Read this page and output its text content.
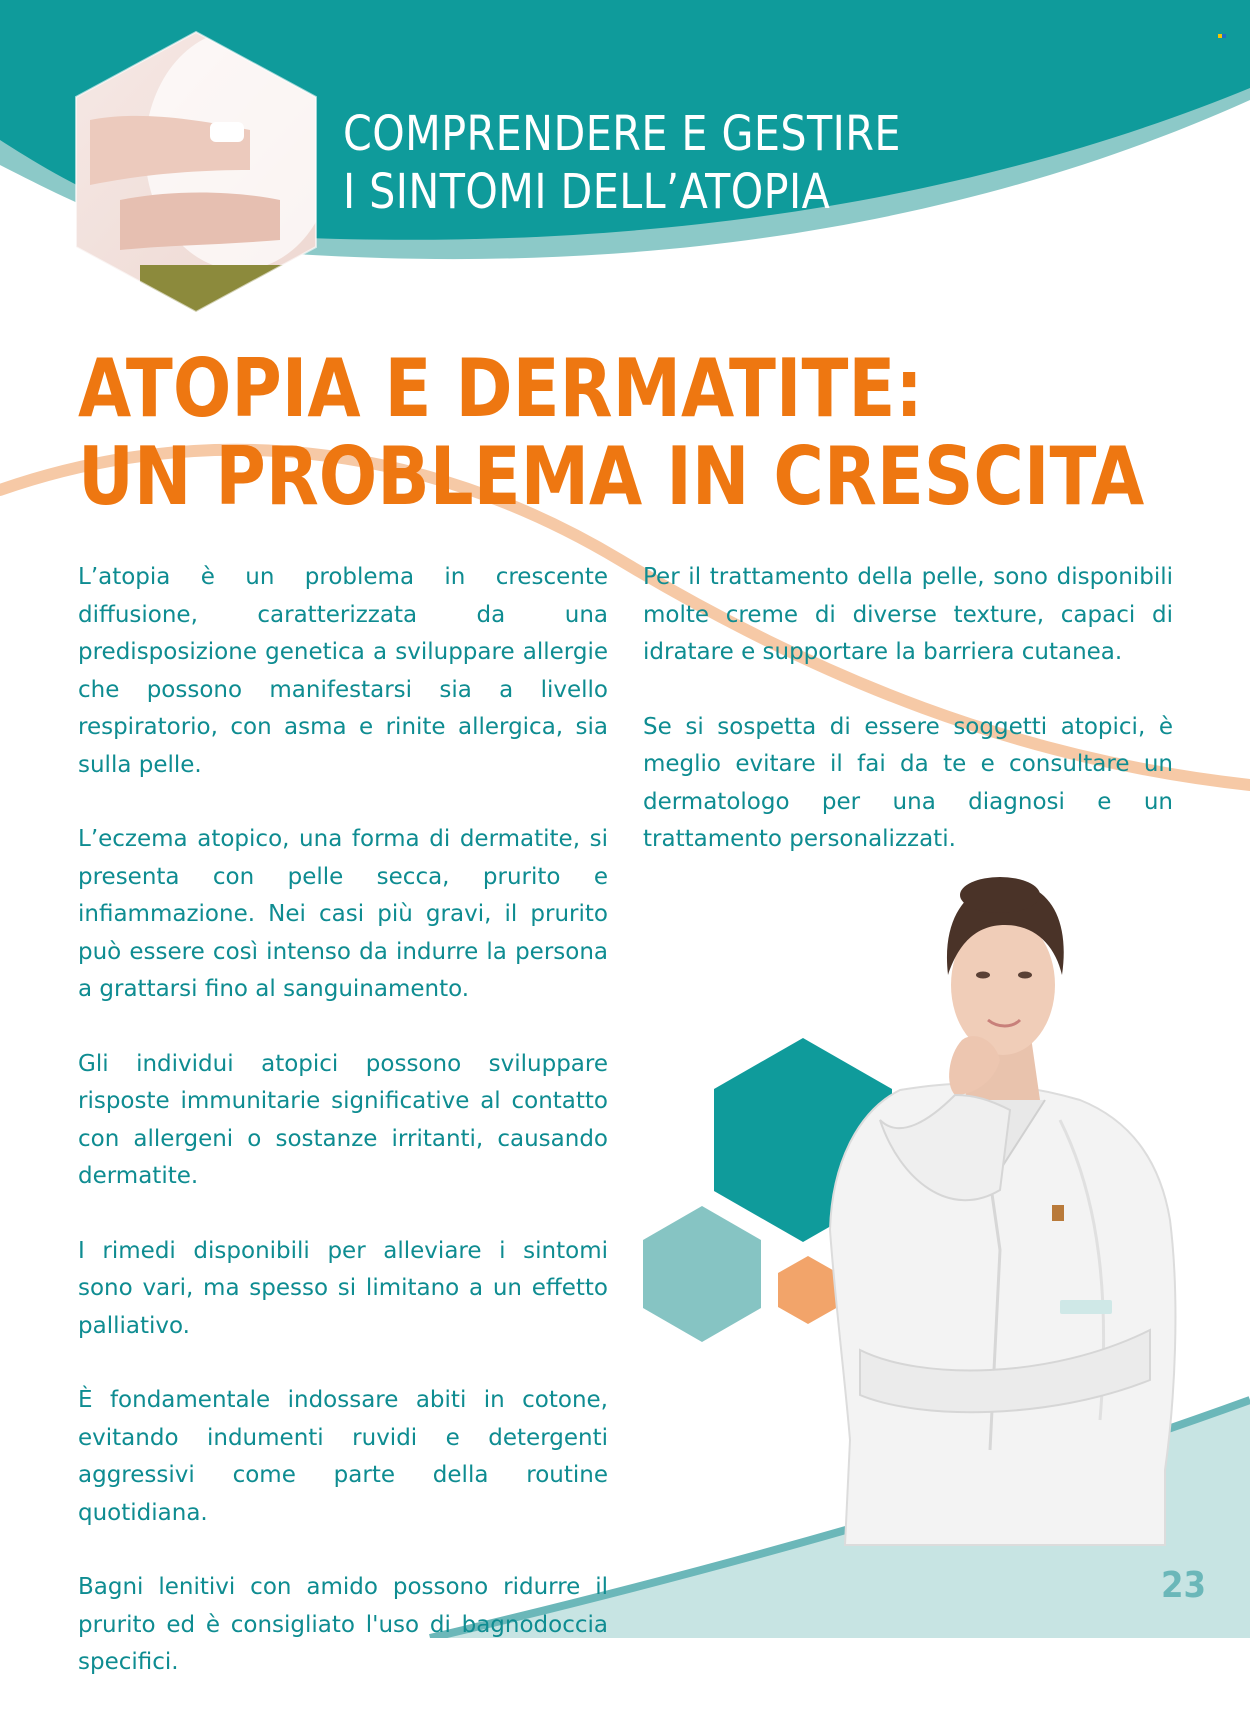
COMPRENDERE E GESTIRE
I SINTOMI DELL’ATOPIA
ATOPIA E DERMATITE:
UN PROBLEMA IN CRESCITA

L’atopia è un problema in crescente diffusione, caratterizzata da una predisposizione genetica a sviluppare allergie che possono manifestarsi sia a livello respiratorio, con asma e rinite allergica, sia sulla pelle.

L’eczema atopico, una forma di dermatite, si presenta con pelle secca, prurito e infiammazione. Nei casi più gravi, il prurito può essere così intenso da indurre la persona a grattarsi fino al sanguinamento.

Gli individui atopici possono sviluppare risposte immunitarie significative al contatto con allergeni o sostanze irritanti, causando dermatite.

I rimedi disponibili per alleviare i sintomi sono vari, ma spesso si limitano a un effetto palliativo.

È fondamentale indossare abiti in cotone, evitando indumenti ruvidi e detergenti aggressivi come parte della routine quotidiana.

Bagni lenitivi con amido possono ridurre il prurito ed è consigliato l'uso di bagnodoccia specifici.

Per il trattamento della pelle, sono disponibili molte creme di diverse texture, capaci di idratare e supportare la barriera cutanea.

Se si sospetta di essere soggetti atopici, è meglio evitare il fai da te e consultare un dermatologo per una diagnosi e un trattamento personalizzati.

23
